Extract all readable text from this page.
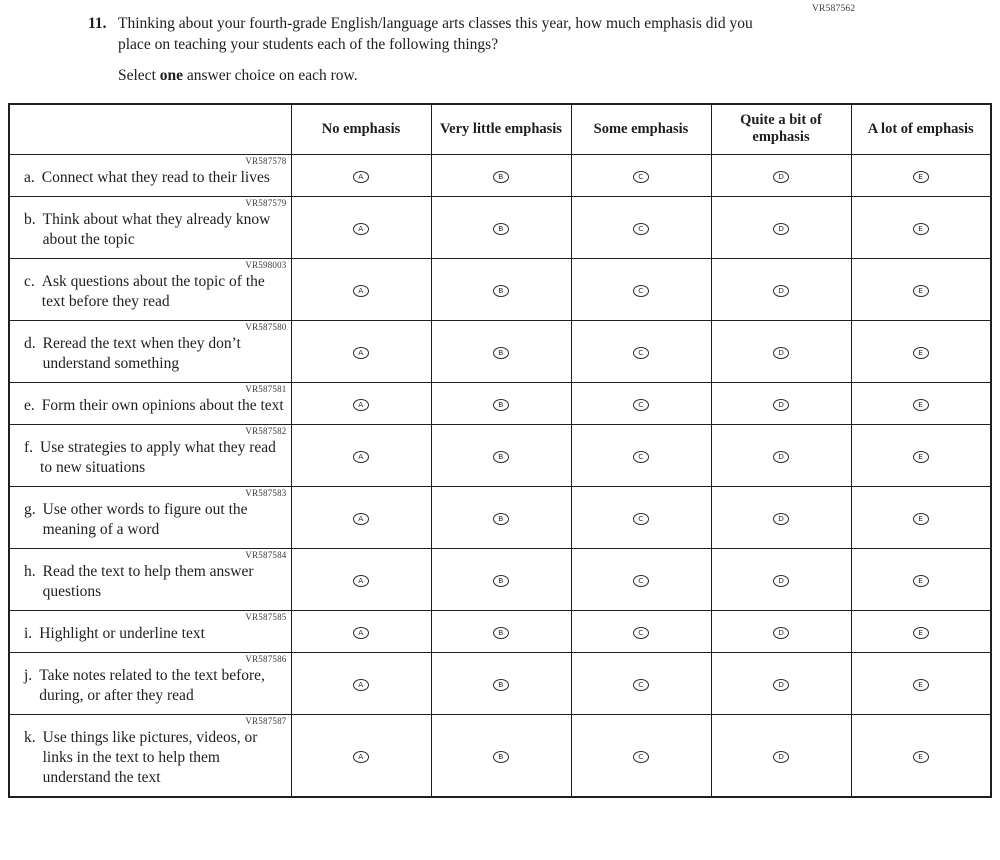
VR587562
11. Thinking about your fourth-grade English/language arts classes this year, how much emphasis did you place on teaching your students each of the following things?

Select one answer choice on each row.

	No emphasis	Very little emphasis	Some emphasis	Quite a bit of emphasis	A lot of emphasis

VR587578
a. Connect what they read to their lives	A	B	C	D	E

VR587579
b. Think about what they already know about the topic	A	B	C	D	E

VR598003
c. Ask questions about the topic of the text before they read	A	B	C	D	E

VR587580
d. Reread the text when they don’t understand something	A	B	C	D	E

VR587581
e. Form their own opinions about the text	A	B	C	D	E

VR587582
f. Use strategies to apply what they read to new situations	A	B	C	D	E

VR587583
g. Use other words to figure out the meaning of a word	A	B	C	D	E

VR587584
h. Read the text to help them answer questions	A	B	C	D	E

VR587585
i. Highlight or underline text	A	B	C	D	E

VR587586
j. Take notes related to the text before, during, or after they read	A	B	C	D	E

VR587587
k. Use things like pictures, videos, or links in the text to help them understand the text	A	B	C	D	E
